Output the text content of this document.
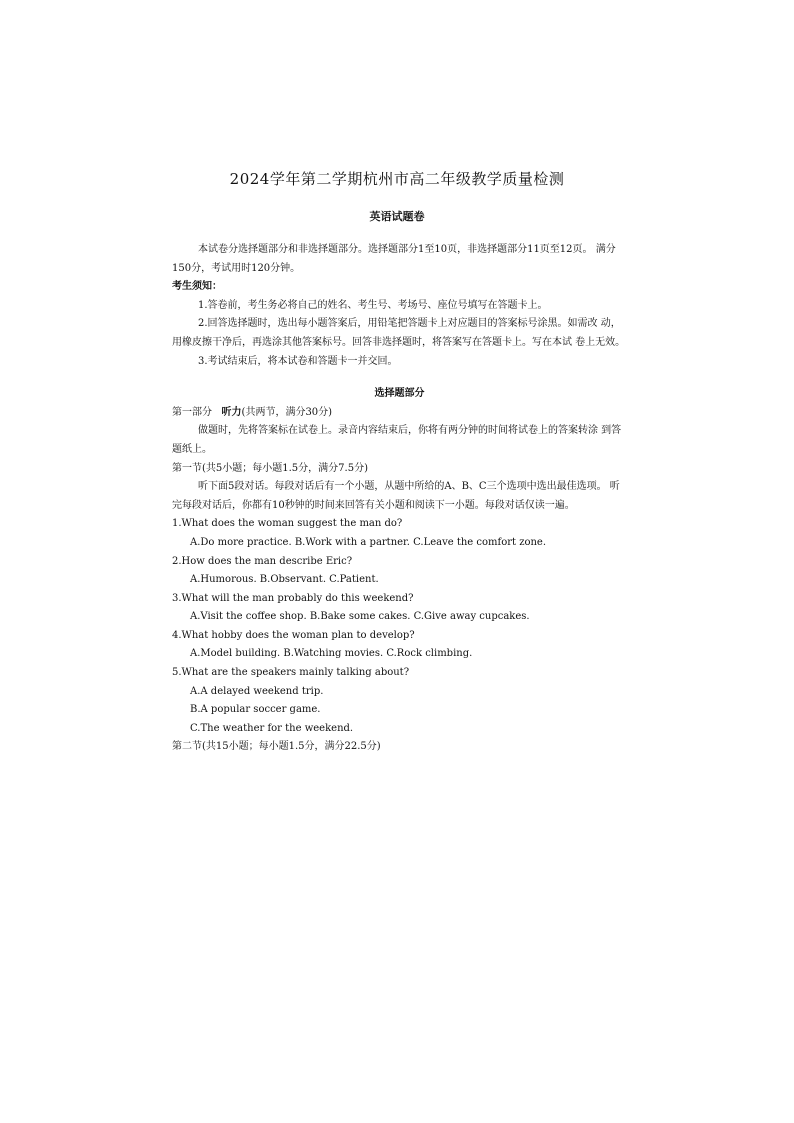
2024学年第二学期杭州市高二年级教学质量检测
英语试题卷

本试卷分选择题部分和非选择题部分。选择题部分1至10页，非选择题部分11页至12页。 满分150分，考试用时120分钟。

考生须知：

1.答卷前，考生务必将自己的姓名、考生号、考场号、座位号填写在答题卡上。

2.回答选择题时，选出每小题答案后，用铅笔把答题卡上对应题目的答案标号涂黑。如需改 动，用橡皮擦干净后，再选涂其他答案标号。回答非选择题时，将答案写在答题卡上。写在本试 卷上无效。

3.考试结束后，将本试卷和答题卡一并交回。

选择题部分

第一部分 听力(共两节，满分30分)

做题时，先将答案标在试卷上。录音内容结束后，你将有两分钟的时间将试卷上的答案转涂 到答题纸上。

第一节(共5小题；每小题1.5分，满分7.5分)

听下面5段对话。每段对话后有一个小题，从题中所给的A、B、C三个选项中选出最佳选项。 听完每段对话后，你都有10秒钟的时间来回答有关小题和阅读下一小题。每段对话仅读一遍。

1.What does the woman suggest the man do?

A.Do more practice. B.Work with a partner. C.Leave the comfort zone.

2.How does the man describe Eric?

A.Humorous. B.Observant. C.Patient.

3.What will the man probably do this weekend?

A.Visit the coffee shop. B.Bake some cakes. C.Give away cupcakes.

4.What hobby does the woman plan to develop?

A.Model building. B.Watching movies. C.Rock climbing.

5.What are the speakers mainly talking about?

A.A delayed weekend trip.

B.A popular soccer game.

C.The weather for the weekend.

第二节(共15小题；每小题1.5分，满分22.5分)
